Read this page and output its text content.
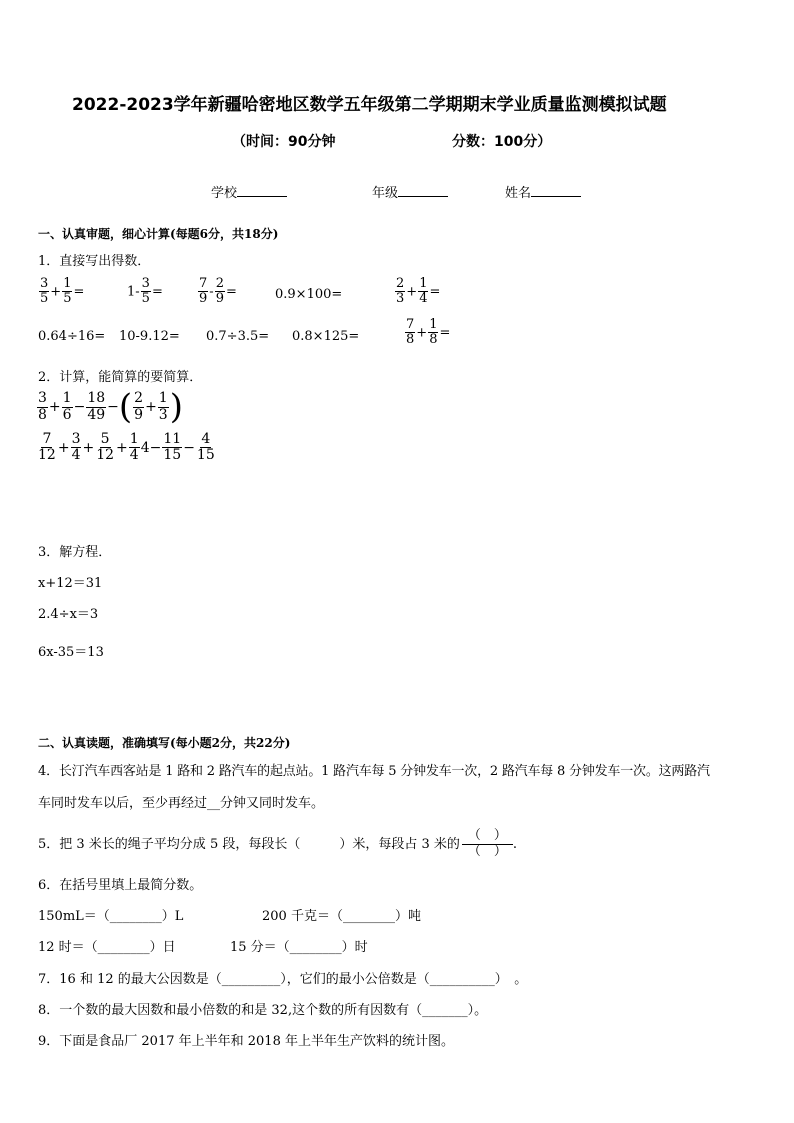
2022-2023学年新疆哈密地区数学五年级第二学期期末学业质量监测模拟试题
（时间：90分钟	分数：100分）
学校	年级	姓名
一、认真审题，细心计算(每题6分，共18分)
1．直接写出得数．
$\frac{3}{5} + \frac{1}{5}$ =	$1- \frac{3}{5}$ =	$\frac{7}{9} - \frac{2}{9}$ =	0.9×100=	$\frac{2}{3} + \frac{1}{4}$ =
0.64÷16= 10-9.12= 0.7÷3.5= 0.8×125=	$\frac{7}{8} + \frac{1}{8}$ =
2．计算，能简算的要简算．
$\frac{3}{8} + \frac{1}{6} - \frac{18}{49}$ −( $\frac{2}{9} + \frac{1}{3}$ )
$\frac{7}{12} + \frac{3}{4} + \frac{5}{12} + \frac{1}{4} 4- \frac{11}{15} - \frac{4}{15}$
3．解方程．
x+12＝31
2.4÷x＝3
6x-35＝13
二、认真读题，准确填写(每小题2分，共22分)
4．长汀汽车西客站是 1 路和 2 路汽车的起点站。1 路汽车每 5 分钟发车一次，2 路汽车每 8 分钟发车一次。这两路汽
车同时发车以后，至少再经过__分钟又同时发车。
5．把 3 米长的绳子平均分成 5 段，每段长（　　　）米，每段占 3 米的 $\frac{( )}{( )}$ .
6．在括号里填上最简分数。
150mL＝（________）L	200 千克＝（________）吨
12 时＝（________）日	15 分＝（________）时
7．16 和 12 的最大公因数是（_________），它们的最小公倍数是（__________）　。
8．一个数的最大因数和最小倍数的和是 32,这个数的所有因数有（_______）。
9．下面是食品厂 2017 年上半年和 2018 年上半年生产饮料的统计图。
